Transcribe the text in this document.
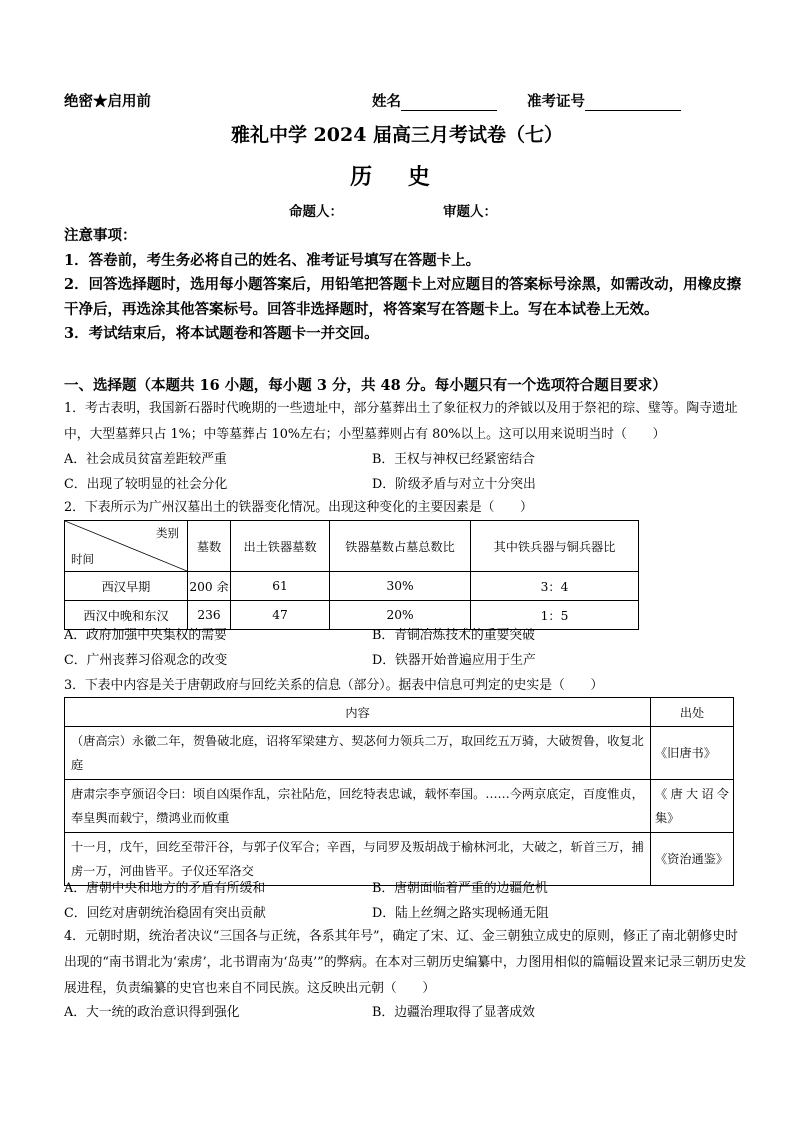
绝密★启用前	姓名	准考证号
雅礼中学 2024 届高三月考试卷（七）
历 史
命题人：	审题人：

注意事项：

1．答卷前，考生务必将自己的姓名、准考证号填写在答题卡上。

2．回答选择题时，选用每小题答案后，用铅笔把答题卡上对应题目的答案标号涂黑，如需改动，用橡皮擦干净后，再选涂其他答案标号。回答非选择题时，将答案写在答题卡上。写在本试卷上无效。

3．考试结束后，将本试题卷和答题卡一并交回。

一、选择题（本题共 16 小题，每小题 3 分，共 48 分。每小题只有一个选项符合题目要求）

1．考古表明，我国新石器时代晚期的一些遗址中，部分墓葬出土了象征权力的斧钺以及用于祭祀的琮、璧等。陶寺遗址中，大型墓葬只占 1%；中等墓葬占 10%左右；小型墓葬则占有 80%以上。这可以用来说明当时（　　）

A．社会成员贫富差距较严重	B．王权与神权已经紧密结合
C．出现了较明显的社会分化	D．阶级矛盾与对立十分突出

2．下表所示为广州汉墓出土的铁器变化情况。出现这种变化的主要因素是（　　）

类别
时间	墓数	出土铁器墓数	铁器墓数占墓总数比	其中铁兵器与铜兵器比
西汉早期	200 余	61	30%	3：4
西汉中晚和东汉	236	47	20%	1：5
A．政府加强中央集权的需要	B．青铜冶炼技术的重要突破
C．广州丧葬习俗观念的改变	D．铁器开始普遍应用于生产

3．下表中内容是关于唐朝政府与回纥关系的信息（部分）。据表中信息可判定的史实是（　　）

内容	出处
（唐高宗）永徽二年，贺鲁破北庭，诏将军梁建方、契苾何力领兵二万，取回纥五万骑，大破贺鲁，收复北庭	《旧唐书》
唐肃宗李亨颁诏令曰：顷自凶渠作乱，宗社阽危，回纥特表忠诚，载怀奉国。……今两京底定，百度惟贞，奉皇舆而载宁，缵鸿业而攸重	《唐大诏令集》
十一月，戊午，回纥至带汗谷，与郭子仪军合；辛酉，与同罗及叛胡战于榆林河北，大破之，斩首三万，捕虏一万，河曲皆平。子仪还军洛交	《资治通鉴》
A．唐朝中央和地方的矛盾有所缓和	B．唐朝面临着严重的边疆危机
C．回纥对唐朝统治稳固有突出贡献	D．陆上丝绸之路实现畅通无阻

4．元朝时期，统治者决议“三国各与正统，各系其年号”，确定了宋、辽、金三朝独立成史的原则，修正了南北朝修史时出现的“南书谓北为‘索虏’，北书谓南为‘岛夷’”的弊病。在本对三朝历史编纂中，力图用相似的篇幅设置来记录三朝历史发展进程，负责编纂的史官也来自不同民族。这反映出元朝（　　）

A．大一统的政治意识得到强化	B．边疆治理取得了显著成效
